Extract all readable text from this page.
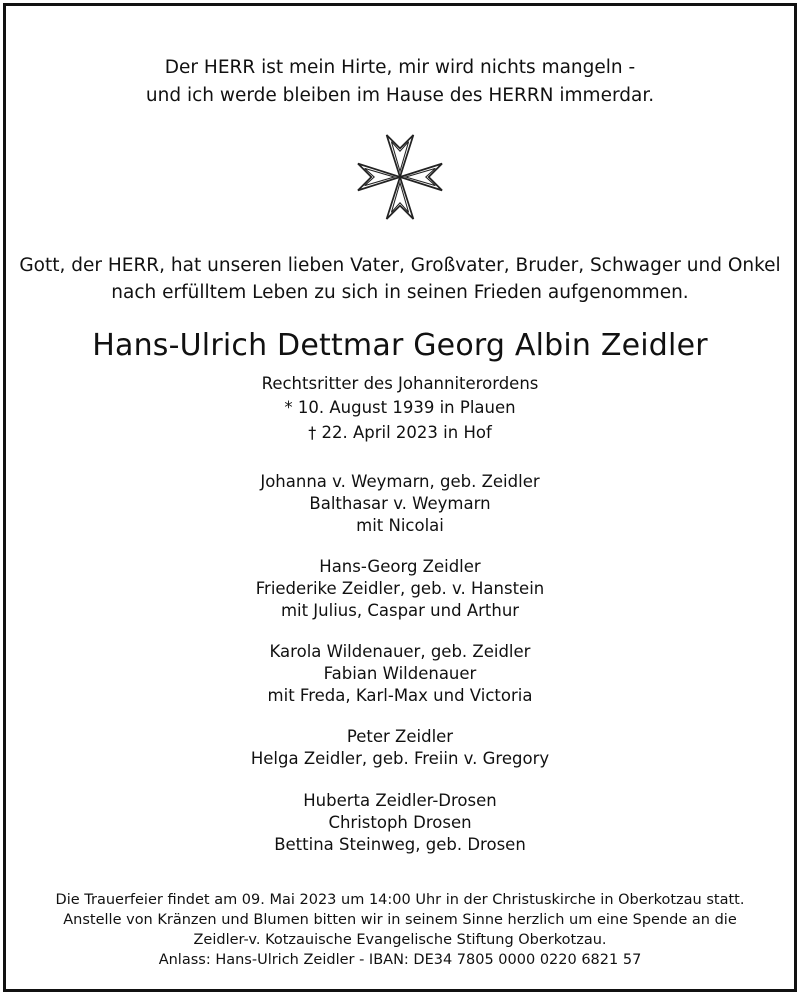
Der HERR ist mein Hirte, mir wird nichts mangeln -
und ich werde bleiben im Hause des HERRN immerdar.
Gott, der HERR, hat unseren lieben Vater, Großvater, Bruder, Schwager und Onkel
nach erfülltem Leben zu sich in seinen Frieden aufgenommen.
Hans-Ulrich Dettmar Georg Albin Zeidler
Rechtsritter des Johanniterordens
* 10. August 1939 in Plauen
† 22. April 2023 in Hof
Johanna v. Weymarn, geb. Zeidler
Balthasar v. Weymarn
mit Nicolai
Hans-Georg Zeidler
Friederike Zeidler, geb. v. Hanstein
mit Julius, Caspar und Arthur
Karola Wildenauer, geb. Zeidler
Fabian Wildenauer
mit Freda, Karl-Max und Victoria
Peter Zeidler
Helga Zeidler, geb. Freiin v. Gregory
Huberta Zeidler-Drosen
Christoph Drosen
Bettina Steinweg, geb. Drosen
Die Trauerfeier findet am 09. Mai 2023 um 14:00 Uhr in der Christuskirche in Oberkotzau statt.
Anstelle von Kränzen und Blumen bitten wir in seinem Sinne herzlich um eine Spende an die
Zeidler-v. Kotzauische Evangelische Stiftung Oberkotzau.
Anlass: Hans-Ulrich Zeidler - IBAN: DE34 7805 0000 0220 6821 57
